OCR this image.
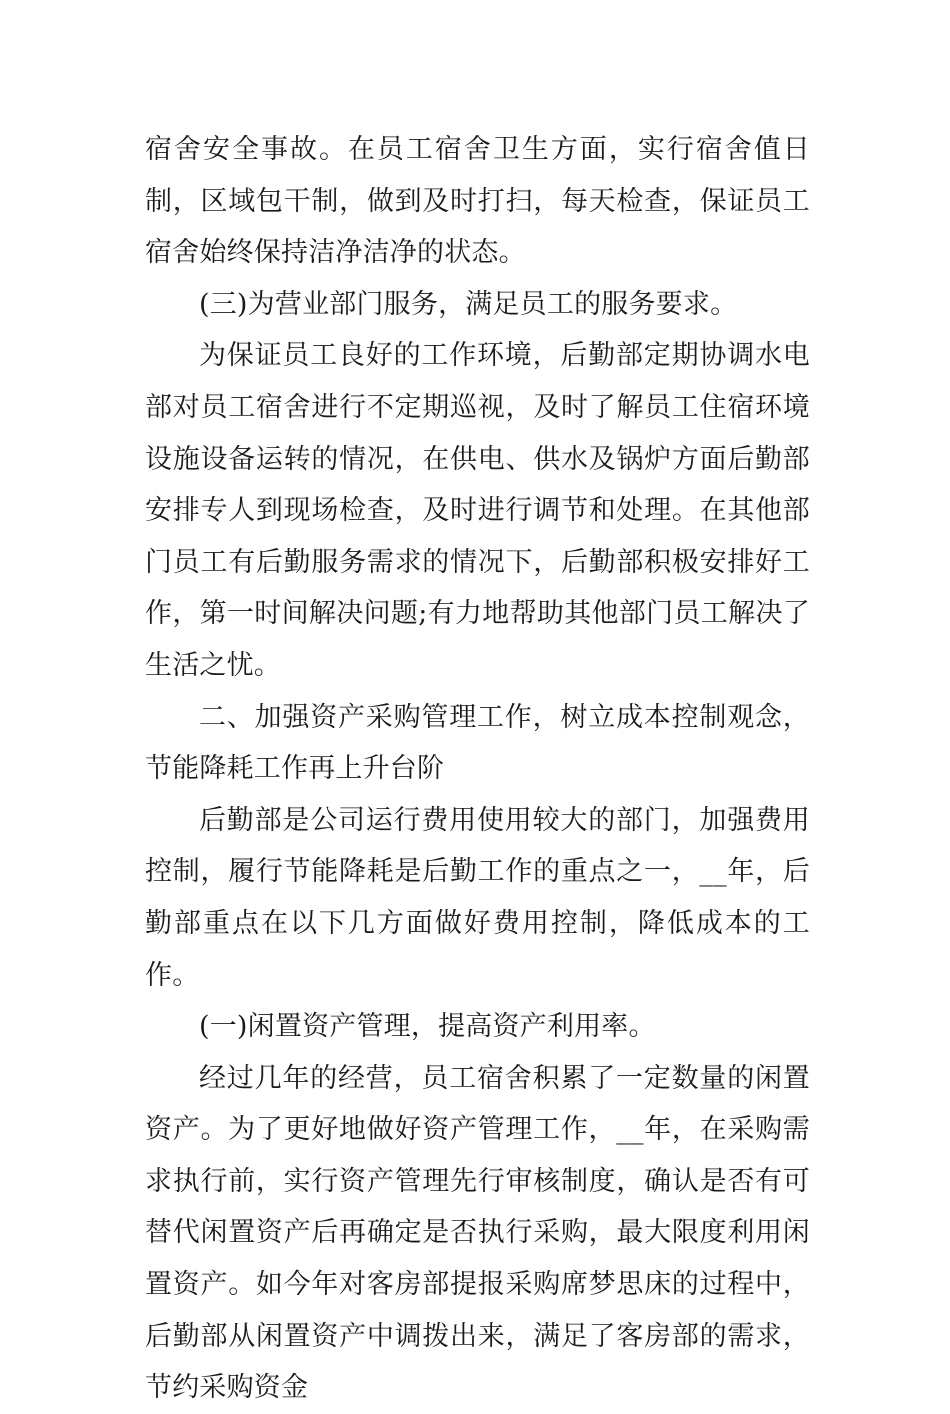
宿舍安全事故。在员工宿舍卫生方面，实行宿舍值日制，区域包干制，做到及时打扫，每天检查，保证员工宿舍始终保持洁净洁净的状态。

(三)为营业部门服务，满足员工的服务要求。

为保证员工良好的工作环境，后勤部定期协调水电部对员工宿舍进行不定期巡视，及时了解员工住宿环境设施设备运转的情况，在供电、供水及锅炉方面后勤部安排专人到现场检查，及时进行调节和处理。在其他部门员工有后勤服务需求的情况下，后勤部积极安排好工作，第一时间解决问题;有力地帮助其他部门员工解决了生活之忧。

二、加强资产采购管理工作，树立成本控制观念，节能降耗工作再上升台阶

后勤部是公司运行费用使用较大的部门，加强费用控制，履行节能降耗是后勤工作的重点之一，__年，后勤部重点在以下几方面做好费用控制，降低成本的工作。

(一)闲置资产管理，提高资产利用率。

经过几年的经营，员工宿舍积累了一定数量的闲置资产。为了更好地做好资产管理工作，__年，在采购需求执行前，实行资产管理先行审核制度，确认是否有可替代闲置资产后再确定是否执行采购，最大限度利用闲置资产。如今年对客房部提报采购席梦思床的过程中，后勤部从闲置资产中调拨出来，满足了客房部的需求，节约采购资金
